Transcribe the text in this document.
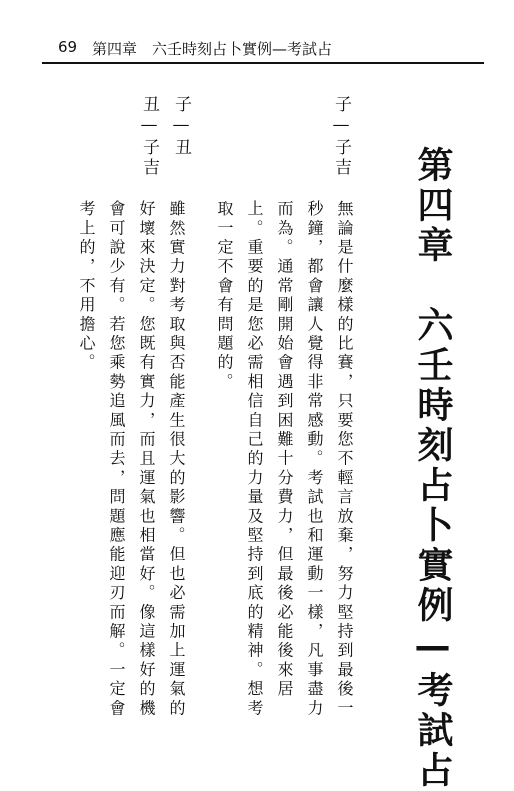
69 第四章　六壬時刻占卜實例—考試占
第四章　六壬時刻占卜實例—考試占
子—子吉
子—丑
丑—子吉
無論是什麼樣的比賽，只要您不輕言放棄，努力堅持到最後一
秒鐘，都會讓人覺得非常感動。考試也和運動一樣，凡事盡力
而為。通常剛開始會遇到困難十分費力，但最後必能後來居
上。重要的是您必需相信自己的力量及堅持到底的精神。想考
取一定不會有問題的。
雖然實力對考取與否能產生很大的影響。但也必需加上運氣的
好壞來決定。您既有實力，而且運氣也相當好。像這樣好的機
會可說少有。若您乘勢追風而去，問題應能迎刃而解。一定會
考上的，不用擔心。
